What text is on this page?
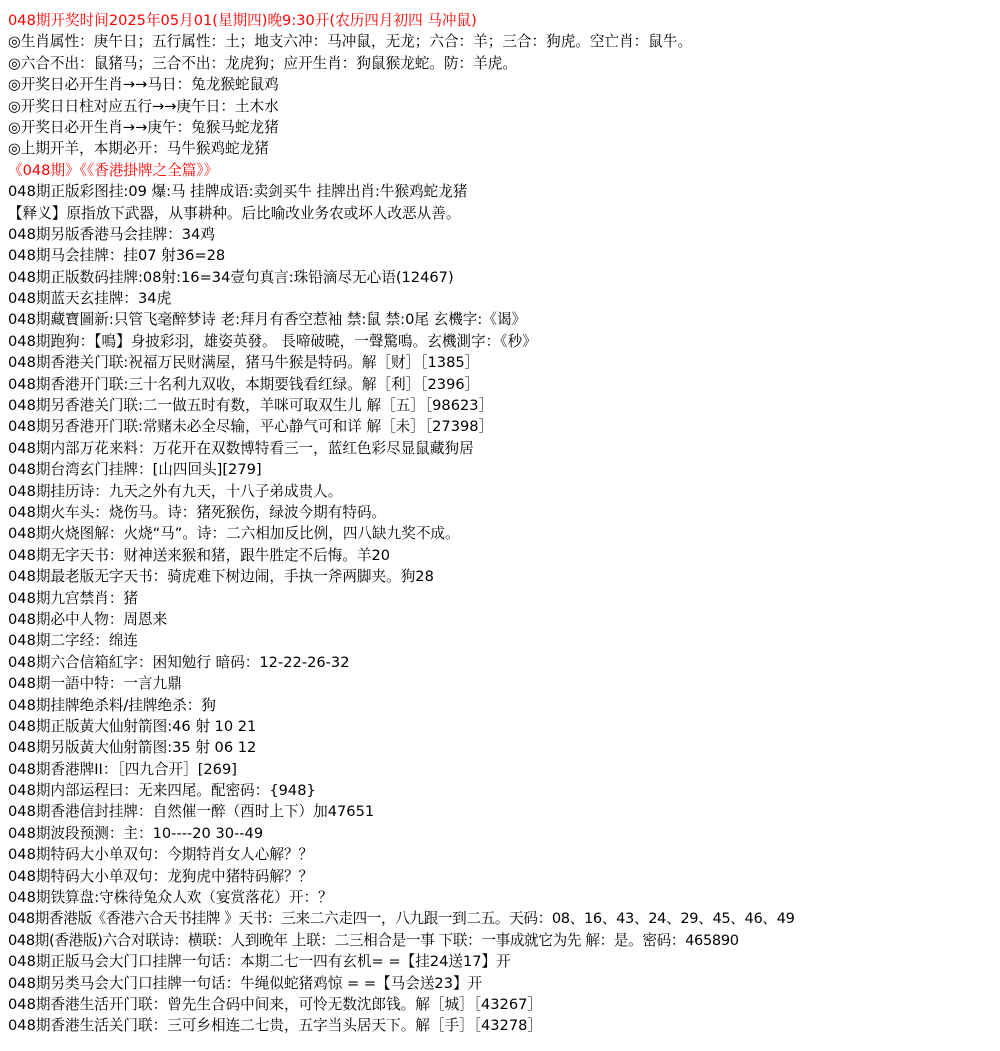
048期开奖时间2025年05月01(星期四)晚9:30开(农历四月初四 马冲鼠)
◎生肖属性：庚午日；五行属性：土；地支六冲：马冲鼠，无龙；六合：羊；三合：狗虎。空亡肖：鼠牛。
◎六合不出：鼠猪马；三合不出：龙虎狗；应开生肖：狗鼠猴龙蛇。防：羊虎。
◎开奖日必开生肖→→马日：兔龙猴蛇鼠鸡
◎开奖日日柱对应五行→→庚午日：土木水
◎开奖日必开生肖→→庚午：兔猴马蛇龙猪
◎上期开羊，本期必开：马牛猴鸡蛇龙猪
《048期》《《香港掛牌之全篇》》
048期正版彩图挂:09 爆:马 挂牌成语:卖剑买牛 挂牌出肖:牛猴鸡蛇龙猪
【释义】原指放下武器，从事耕种。后比喻改业务农或坏人改恶从善。
048期另版香港马会挂牌：34鸡
048期马会挂牌：挂07 射36=28
048期正版数码挂牌:08射:16=34壹句真言:珠铅滴尽无心语(12467)
048期蓝天玄挂牌：34虎
048期藏寶圖新:只管飞毫醉梦诗 老:拜月有香空惹袖 禁:鼠 禁:0尾 玄機字:《谒》
048期跑狗：【鳴】身披彩羽，雄姿英發。 長啼破曉，一聲驚鳴。玄機測字：《秒》
048期香港关门联:祝福万民财满屋，猪马牛猴是特码。解［财］［1385］
048期香港开门联:三十名利九双收，本期要钱看红绿。解［利］［2396］
048期另香港关门联:二一做五时有数，羊咪可取双生儿 解［五］［98623］
048期另香港开门联:常赌未必全尽输，平心静气可和详 解［未］［27398］
048期内部万花来料：万花开在双数博特看三一，蓝红色彩尽显鼠藏狗居
048期台湾玄门挂牌：[山四回头][279]
048期挂历诗：九天之外有九天，十八子弟成贵人。
048期火车头：烧伤马。诗：猪死猴伤，绿波今期有特码。
048期火烧图解：火烧“马”。诗：二六相加反比例，四八缺九奖不成。
048期无字天书：财神送来猴和猪，跟牛胜定不后悔。羊20
048期最老版无字天书：骑虎难下树边闹，手执一斧两脚夹。狗28
048期九宫禁肖：猪
048期必中人物：周恩来
048期二字经：绵连
048期六合信箱紅字：困知勉行 暗码：12-22-26-32
048期一語中特：一言九鼎
048期挂牌绝杀料/挂牌绝杀：狗
048期正版黃大仙射箭图:46 射 10 21
048期另版黃大仙射箭图:35 射 06 12
048期香港牌II：［四九合开］[269]
048期内部运程曰：无来四尾。配密码：{948}
048期香港信封挂牌：自然催一醉（酉时上下）加47651
048期波段预测：主：10----20 30--49
048期特码大小单双句：今期特肖女人心解？？
048期特码大小单双句：龙狗虎中猪特码解？？
048期铁算盘:守株待兔众人欢（宴赏落花）开：？
048期香港版《香港六合天书挂牌 》天书：三来二六走四一，八九跟一到二五。天码：08、16、43、24、29、45、46、49
048期(香港版)六合对联诗：横联：人到晚年 上联：二三相合是一事 下联：一事成就它为先 解：是。密码：465890
048期正版马会大门口挂牌一句话：本期二七一四有玄机= =【挂24送17】开
048期另类马会大门口挂牌一句话：牛绳似蛇猪鸡惊 = =【马会送23】开
048期香港生活开门联：曾先生合码中间来，可怜无数沈郎钱。解［城］［43267］
048期香港生活关门联：三可乡相连二七贵，五字当头居天下。解［手］［43278］
